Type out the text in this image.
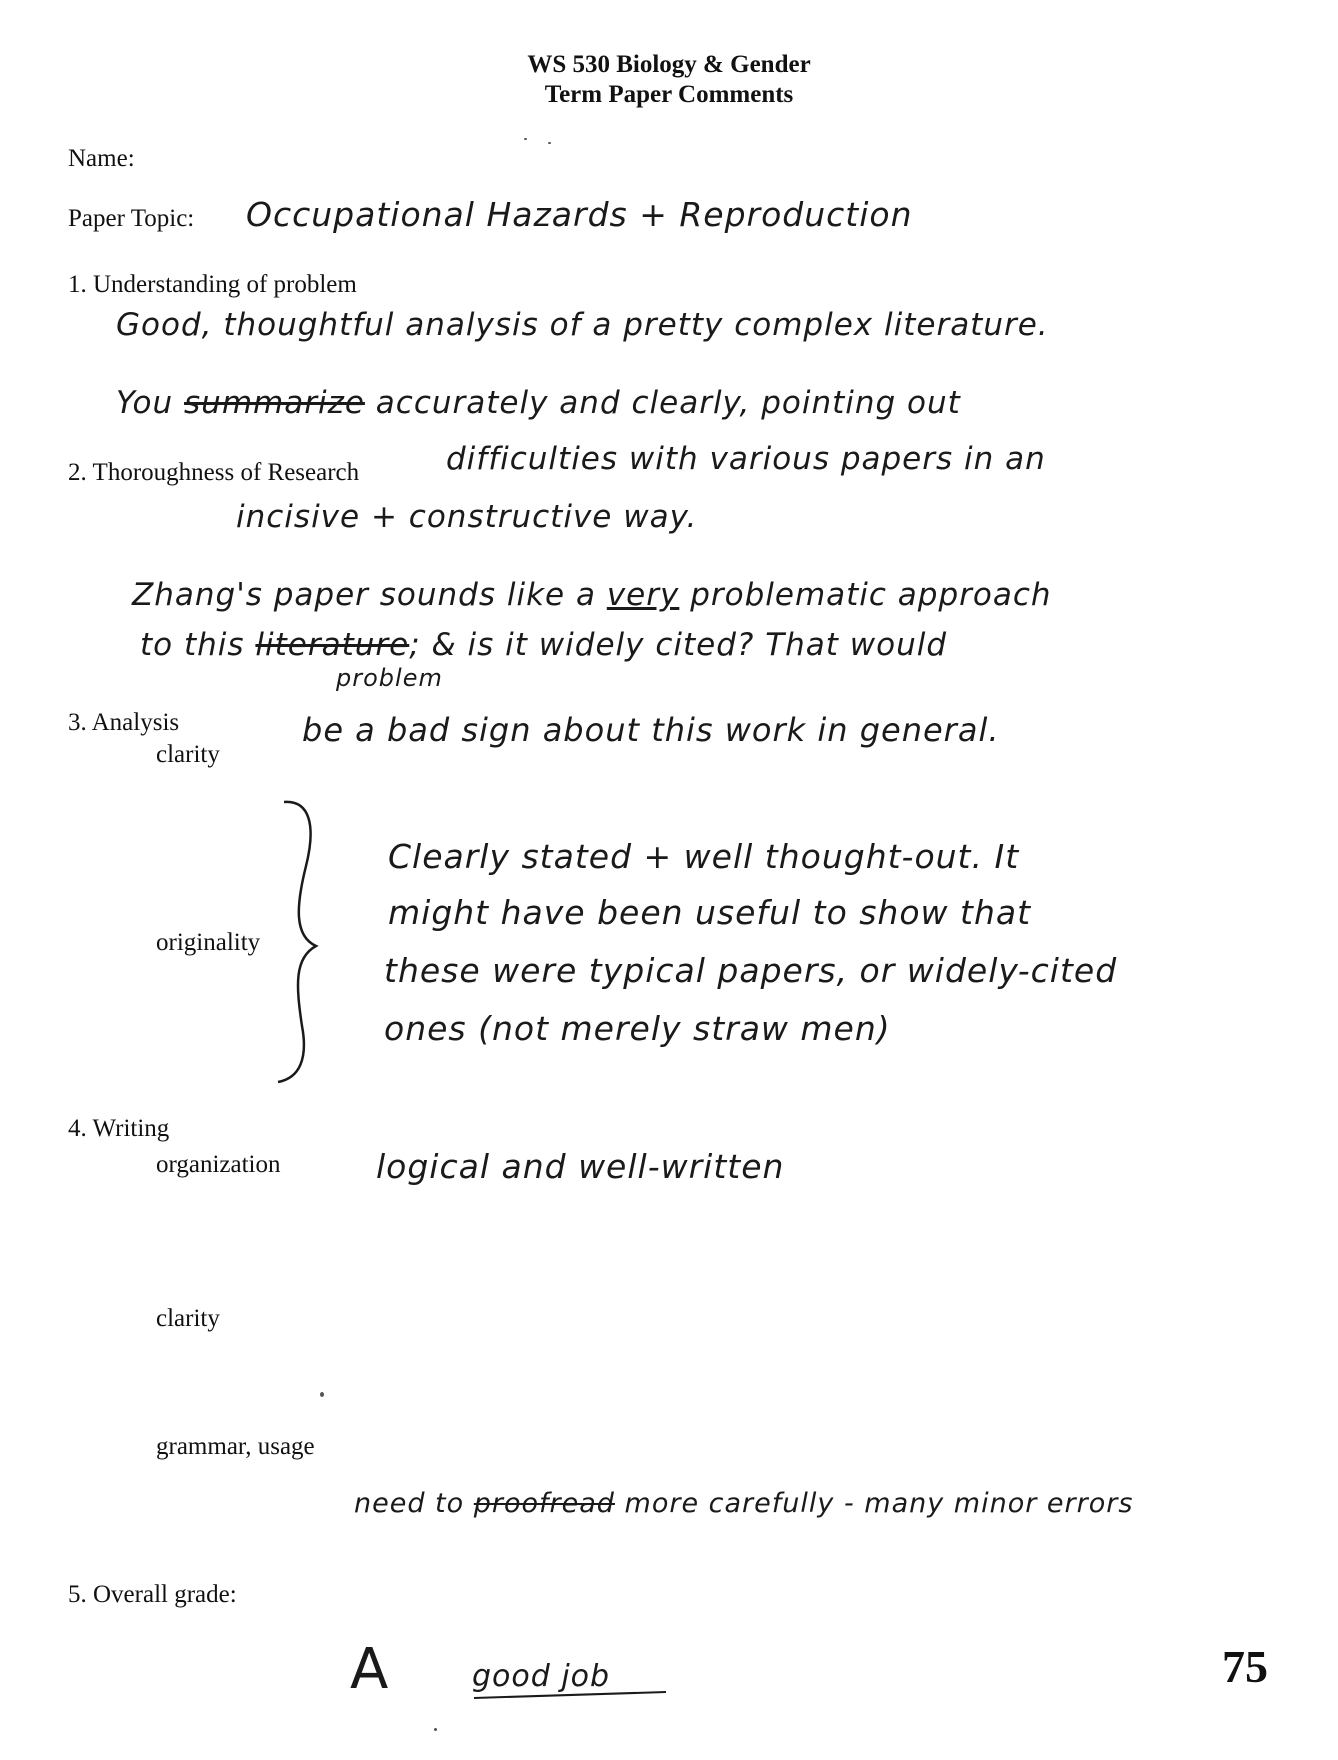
WS 530 Biology & Gender
Term Paper Comments
Name:
Paper Topic: Occupational Hazards + Reproduction
1. Understanding of problem
Good, thoughtful analysis of a pretty complex literature.
You summarize accurately and clearly, pointing out
difficulties with various papers in an
2. Thoroughness of Research
incisive + constructive way.
Zhang's paper sounds like a very problematic approach
to this literature; & is it widely cited? That would
problem
3. Analysis	be a bad sign about this work in general.
clarity
Clearly stated + well thought-out. It
might have been useful to show that
originality
these were typical papers, or widely-cited
ones (not merely straw men)
4. Writing
organization	logical and well-written
clarity
grammar, usage
need to proofread more carefully - many minor errors
5. Overall grade:
A	good job	75
